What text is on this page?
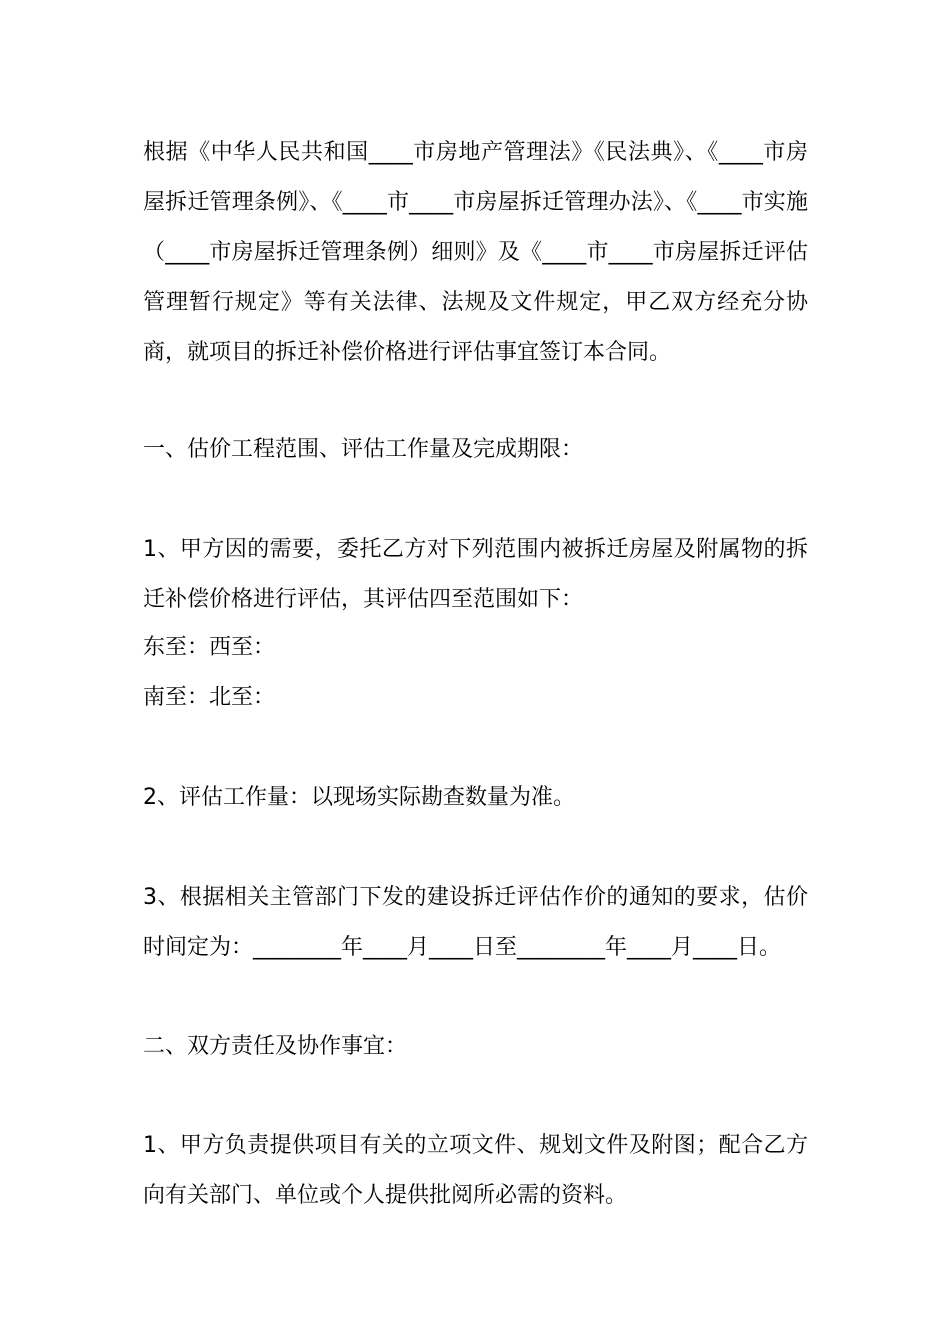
根据《中华人民共和国____市房地产管理法》《民法典》、《____市房屋拆迁管理条例》、《____市____市房屋拆迁管理办法》、《____市实施（____市房屋拆迁管理条例）细则》及《____市____市房屋拆迁评估管理暂行规定》等有关法律、法规及文件规定，甲乙双方经充分协商，就项目的拆迁补偿价格进行评估事宜签订本合同。

一、估价工程范围、评估工作量及完成期限：

1、甲方因的需要，委托乙方对下列范围内被拆迁房屋及附属物的拆迁补偿价格进行评估，其评估四至范围如下：

东至：西至：

南至：北至：

2、评估工作量：以现场实际勘查数量为准。

3、根据相关主管部门下发的建设拆迁评估作价的通知的要求，估价时间定为：________年____月____日至________年____月____日。

二、双方责任及协作事宜：

1、甲方负责提供项目有关的立项文件、规划文件及附图；配合乙方向有关部门、单位或个人提供批阅所必需的资料。
